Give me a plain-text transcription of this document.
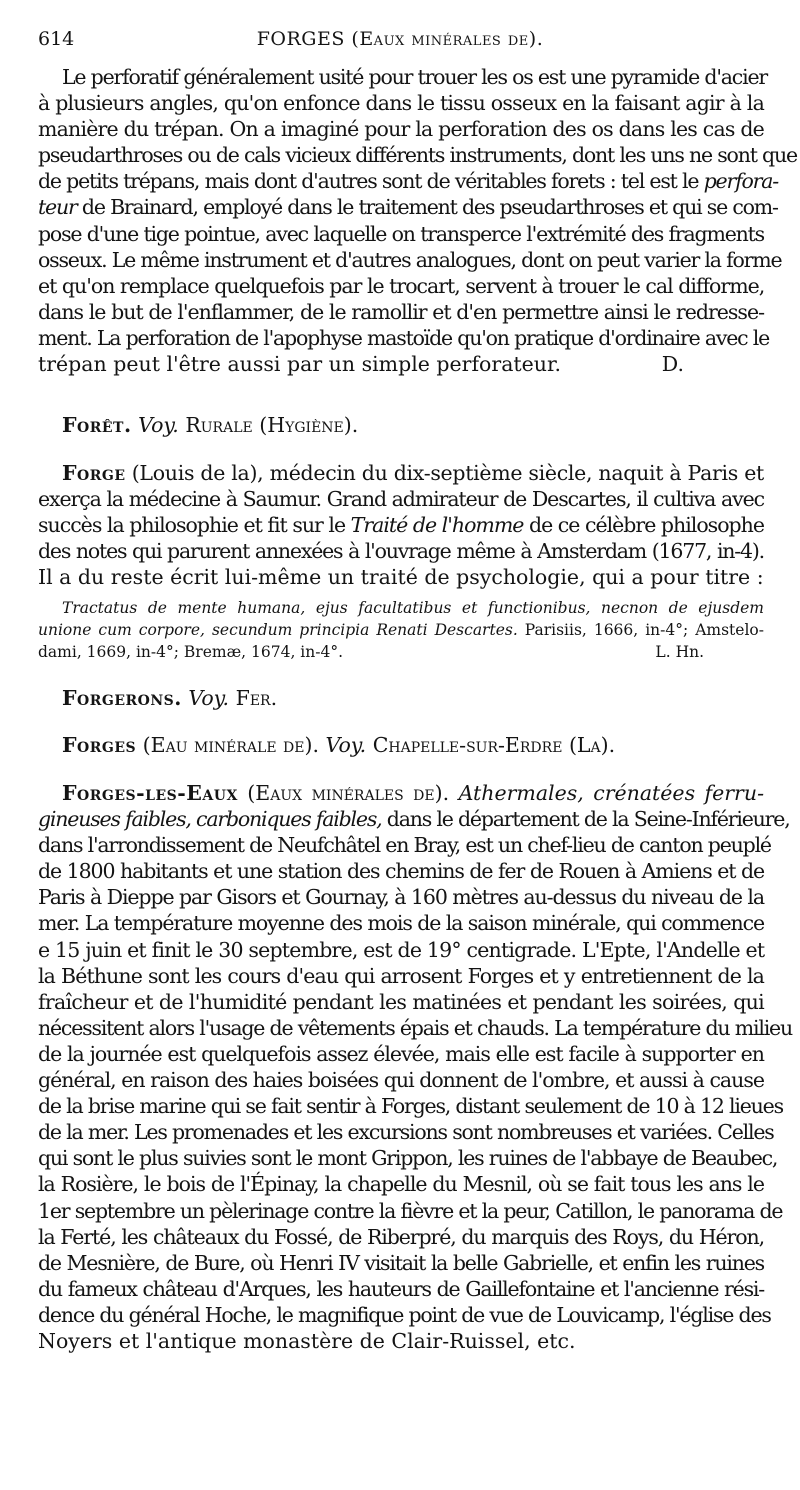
614	FORGES (Eaux minérales de).
Le perforatif généralement usité pour trouer les os est une pyramide d'acier
à plusieurs angles, qu'on enfonce dans le tissu osseux en la faisant agir à la
manière du trépan. On a imaginé pour la perforation des os dans les cas de
pseudarthroses ou de cals vicieux différents instruments, dont les uns ne sont que
de petits trépans, mais dont d'autres sont de véritables forets : tel est le perfora-
teur de Brainard, employé dans le traitement des pseudarthroses et qui se com-
pose d'une tige pointue, avec laquelle on transperce l'extrémité des fragments
osseux. Le même instrument et d'autres analogues, dont on peut varier la forme
et qu'on remplace quelquefois par le trocart, servent à trouer le cal difforme,
dans le but de l'enflammer, de le ramollir et d'en permettre ainsi le redresse-
ment. La perforation de l'apophyse mastoïde qu'on pratique d'ordinaire avec le
trépan peut l'être aussi par un simple perforateur.	D.
Forêt. Voy. Rurale (Hygiène).
Forge (Louis de la), médecin du dix-septième siècle, naquit à Paris et
exerça la médecine à Saumur. Grand admirateur de Descartes, il cultiva avec
succès la philosophie et fit sur le Traité de l'homme de ce célèbre philosophe
des notes qui parurent annexées à l'ouvrage même à Amsterdam (1677, in-4).
Il a du reste écrit lui-même un traité de psychologie, qui a pour titre :
Tractatus de mente humana, ejus facultatibus et functionibus, necnon de ejusdem
unione cum corpore, secundum principia Renati Descartes. Parisiis, 1666, in-4°; Amstelo-
dami, 1669, in-4°; Bremæ, 1674, in-4°.	L. Hn.
Forgerons. Voy. Fer.
Forges (Eau minérale de). Voy. Chapelle-sur-Erdre (La).
Forges-les-Eaux (Eaux minérales de). Athermales, crénatées ferru-
gineuses faibles, carboniques faibles, dans le département de la Seine-Inférieure,
dans l'arrondissement de Neufchâtel en Bray, est un chef-lieu de canton peuplé
de 1800 habitants et une station des chemins de fer de Rouen à Amiens et de
Paris à Dieppe par Gisors et Gournay, à 160 mètres au-dessus du niveau de la
mer. La température moyenne des mois de la saison minérale, qui commence
e 15 juin et finit le 30 septembre, est de 19° centigrade. L'Epte, l'Andelle et
la Béthune sont les cours d'eau qui arrosent Forges et y entretiennent de la
fraîcheur et de l'humidité pendant les matinées et pendant les soirées, qui
nécessitent alors l'usage de vêtements épais et chauds. La température du milieu
de la journée est quelquefois assez élevée, mais elle est facile à supporter en
général, en raison des haies boisées qui donnent de l'ombre, et aussi à cause
de la brise marine qui se fait sentir à Forges, distant seulement de 10 à 12 lieues
de la mer. Les promenades et les excursions sont nombreuses et variées. Celles
qui sont le plus suivies sont le mont Grippon, les ruines de l'abbaye de Beaubec,
la Rosière, le bois de l'Épinay, la chapelle du Mesnil, où se fait tous les ans le
1er septembre un pèlerinage contre la fièvre et la peur, Catillon, le panorama de
la Ferté, les châteaux du Fossé, de Riberpré, du marquis des Roys, du Héron,
de Mesnière, de Bure, où Henri IV visitait la belle Gabrielle, et enfin les ruines
du fameux château d'Arques, les hauteurs de Gaillefontaine et l'ancienne rési-
dence du général Hoche, le magnifique point de vue de Louvicamp, l'église des
Noyers et l'antique monastère de Clair-Ruissel, etc.
